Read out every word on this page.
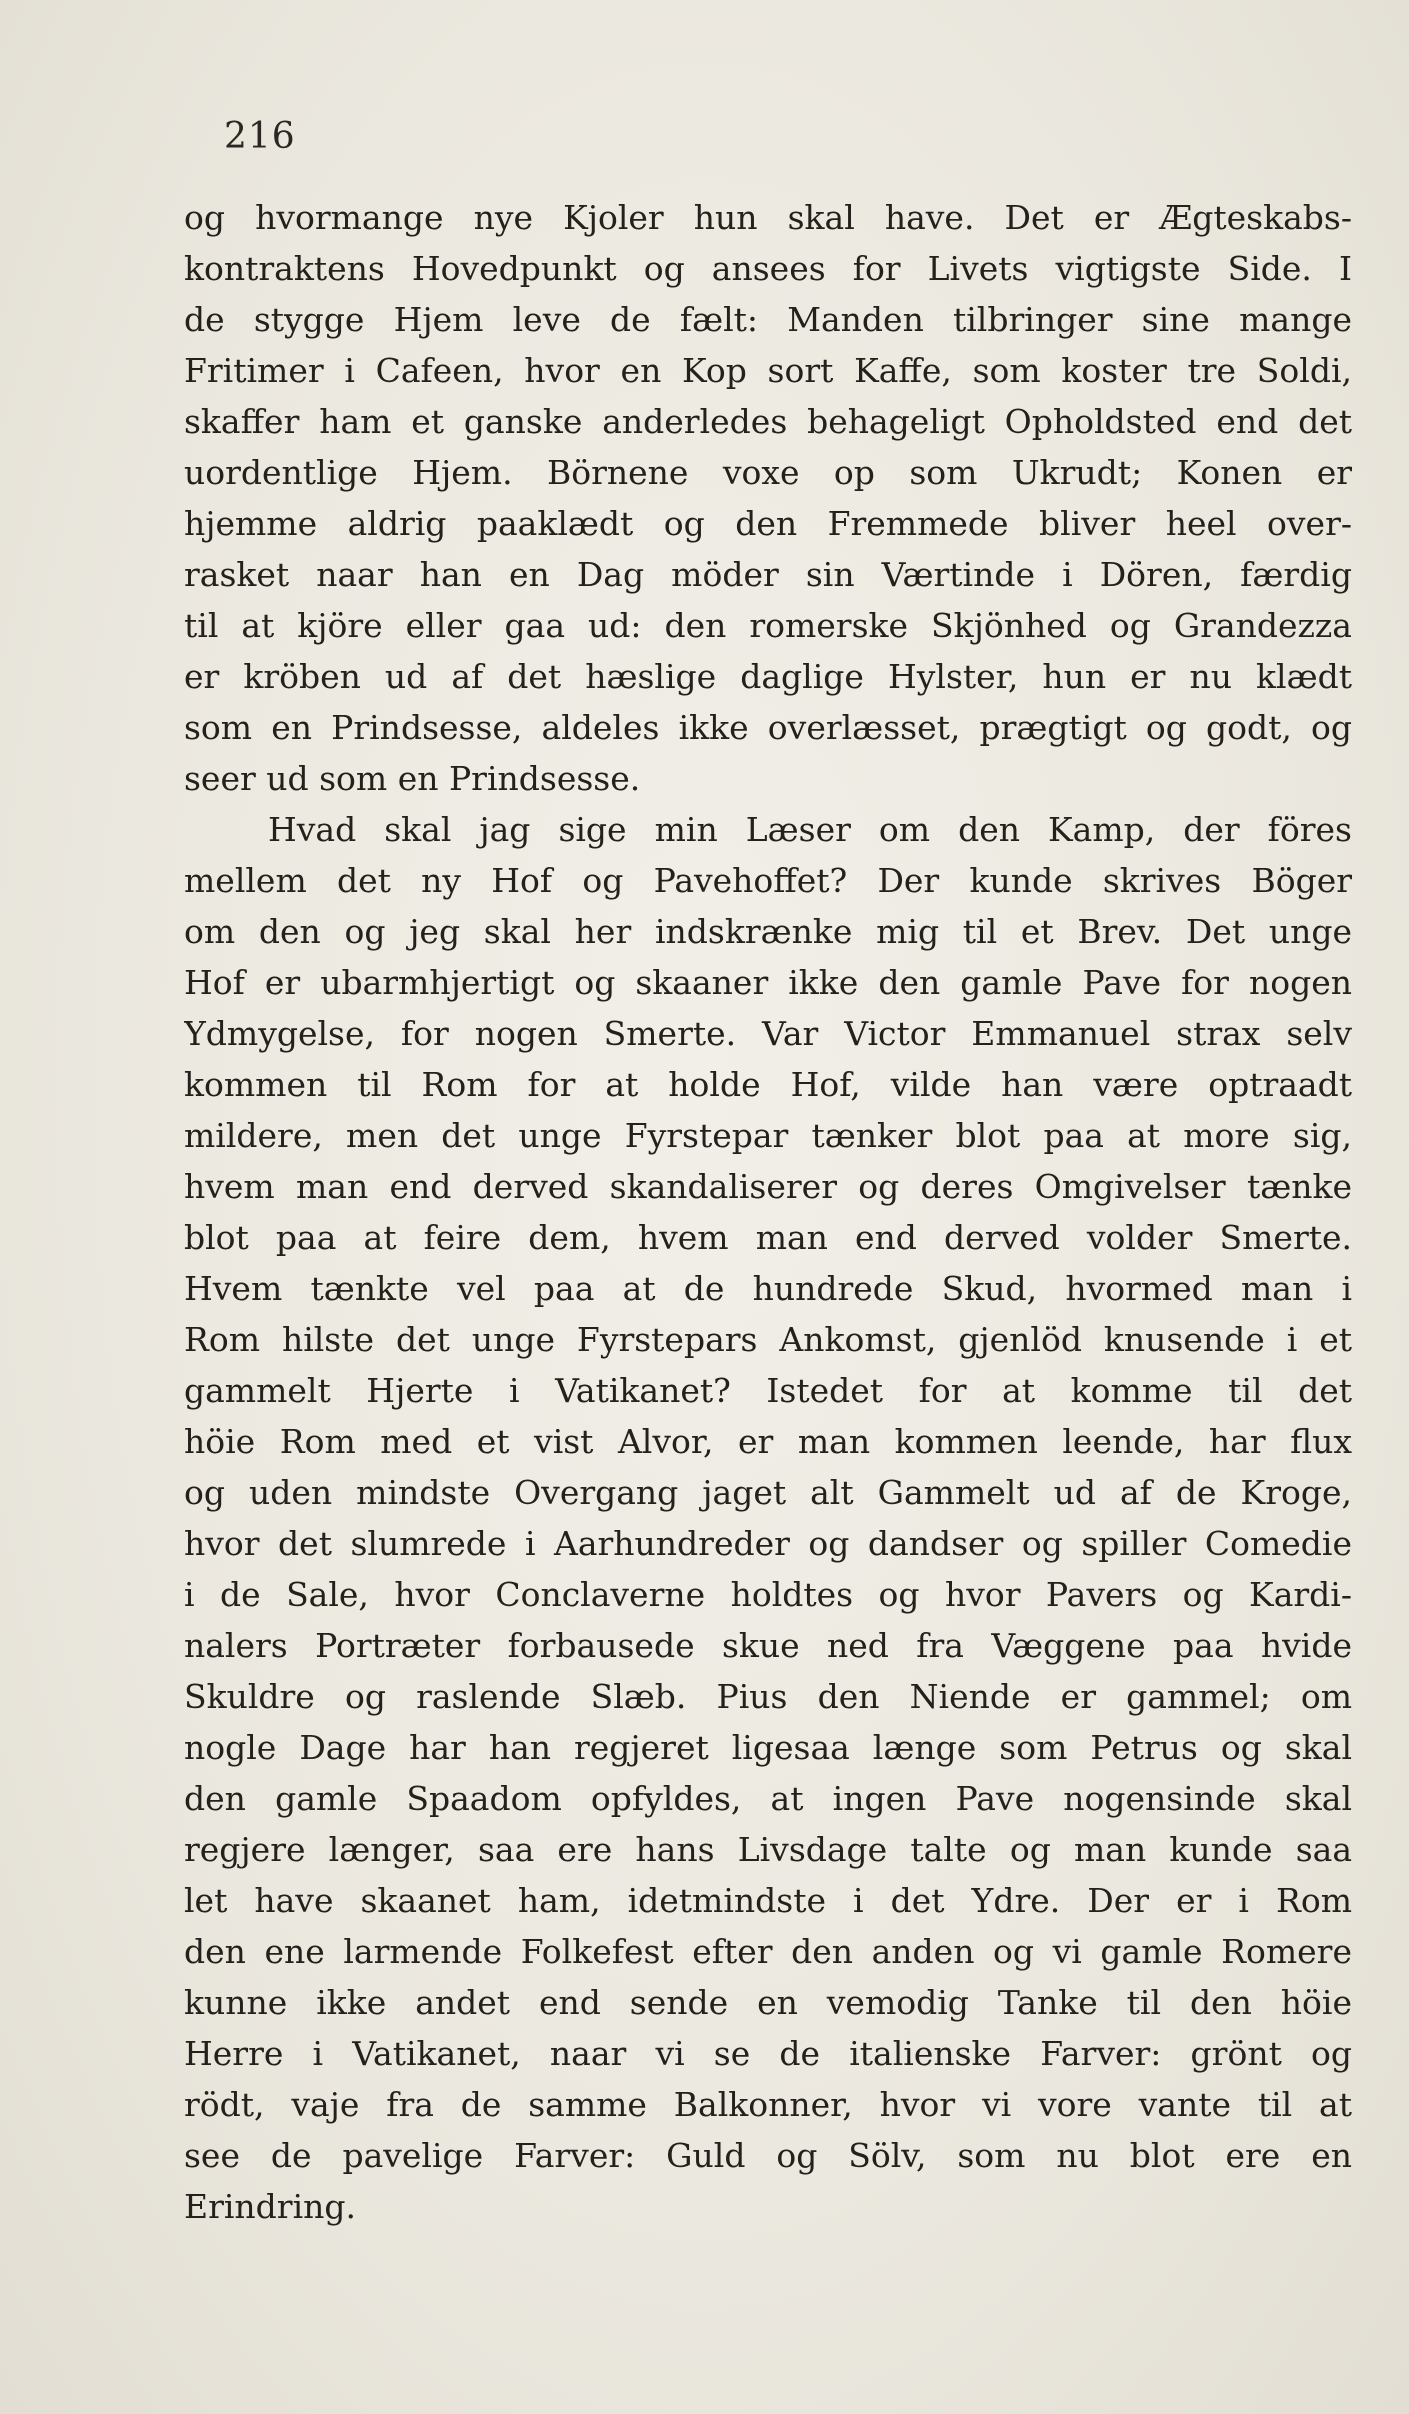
216
og hvormange nye Kjoler hun skal have. Det er Ægteskabs-
kontraktens Hovedpunkt og ansees for Livets vigtigste Side. I
de stygge Hjem leve de fælt: Manden tilbringer sine mange
Fritimer i Cafeen, hvor en Kop sort Kaffe, som koster tre Soldi,
skaffer ham et ganske anderledes behageligt Opholdsted end det
uordentlige Hjem. Börnene voxe op som Ukrudt; Konen er
hjemme aldrig paaklædt og den Fremmede bliver heel over-
rasket naar han en Dag möder sin Værtinde i Dören, færdig
til at kjöre eller gaa ud: den romerske Skjönhed og Grandezza
er kröben ud af det hæslige daglige Hylster, hun er nu klædt
som en Prindsesse, aldeles ikke overlæsset, prægtigt og godt, og
seer ud som en Prindsesse.
Hvad skal jag sige min Læser om den Kamp, der föres
mellem det ny Hof og Pavehoffet? Der kunde skrives Böger
om den og jeg skal her indskrænke mig til et Brev. Det unge
Hof er ubarmhjertigt og skaaner ikke den gamle Pave for nogen
Ydmygelse, for nogen Smerte. Var Victor Emmanuel strax selv
kommen til Rom for at holde Hof, vilde han være optraadt
mildere, men det unge Fyrstepar tænker blot paa at more sig,
hvem man end derved skandaliserer og deres Omgivelser tænke
blot paa at feire dem, hvem man end derved volder Smerte.
Hvem tænkte vel paa at de hundrede Skud, hvormed man i
Rom hilste det unge Fyrstepars Ankomst, gjenlöd knusende i et
gammelt Hjerte i Vatikanet? Istedet for at komme til det
höie Rom med et vist Alvor, er man kommen leende, har flux
og uden mindste Overgang jaget alt Gammelt ud af de Kroge,
hvor det slumrede i Aarhundreder og dandser og spiller Comedie
i de Sale, hvor Conclaverne holdtes og hvor Pavers og Kardi-
nalers Portræter forbausede skue ned fra Væggene paa hvide
Skuldre og raslende Slæb. Pius den Niende er gammel; om
nogle Dage har han regjeret ligesaa længe som Petrus og skal
den gamle Spaadom opfyldes, at ingen Pave nogensinde skal
regjere længer, saa ere hans Livsdage talte og man kunde saa
let have skaanet ham, idetmindste i det Ydre. Der er i Rom
den ene larmende Folkefest efter den anden og vi gamle Romere
kunne ikke andet end sende en vemodig Tanke til den höie
Herre i Vatikanet, naar vi se de italienske Farver: grönt og
rödt, vaje fra de samme Balkonner, hvor vi vore vante til at
see de pavelige Farver: Guld og Sölv, som nu blot ere en
Erindring.
